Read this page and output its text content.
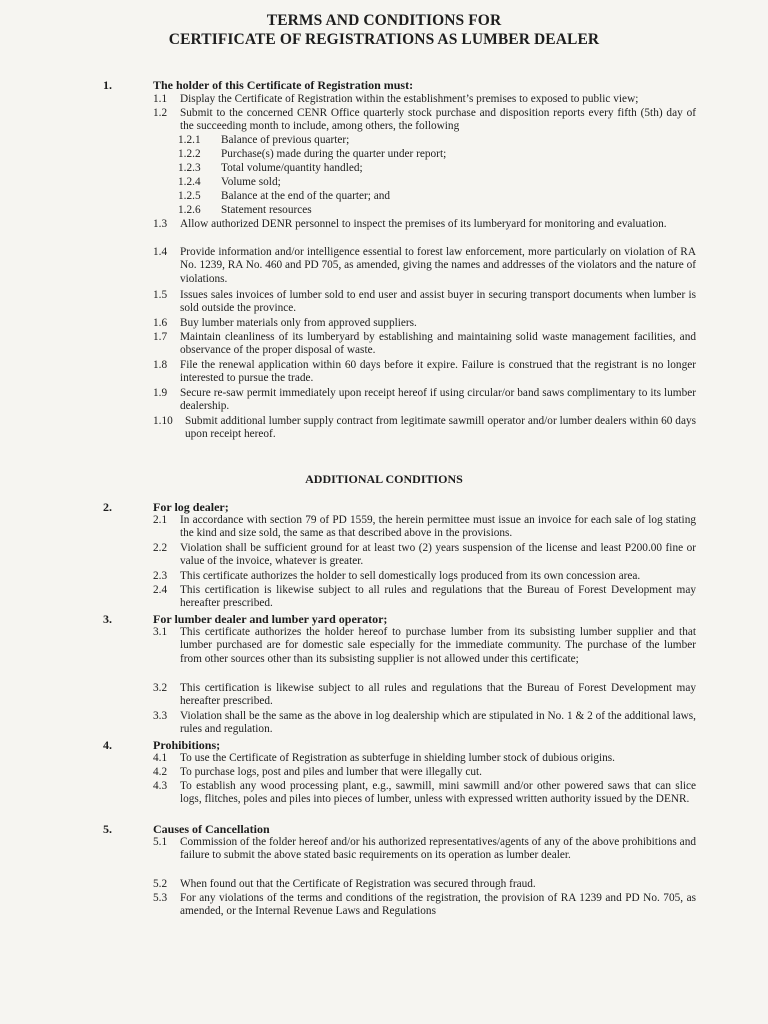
TERMS AND CONDITIONS FOR
CERTIFICATE OF REGISTRATIONS AS LUMBER DEALER
1.	The holder of this Certificate of Registration must:
1.1 Display the Certificate of Registration within the establishment’s premises to exposed to public view;
1.2 Submit to the concerned CENR Office quarterly stock purchase and disposition reports every fifth (5th) day of the succeeding month to include, among others, the following
1.2.1 Balance of previous quarter;
1.2.2 Purchase(s) made during the quarter under report;
1.2.3 Total volume/quantity handled;
1.2.4 Volume sold;
1.2.5 Balance at the end of the quarter; and
1.2.6 Statement resources
1.3 Allow authorized DENR personnel to inspect the premises of its lumberyard for monitoring and evaluation.
1.4 Provide information and/or intelligence essential to forest law enforcement, more particularly on violation of RA No. 1239, RA No. 460 and PD 705, as amended, giving the names and addresses of the violators and the nature of violations.
1.5 Issues sales invoices of lumber sold to end user and assist buyer in securing transport documents when lumber is sold outside the province.
1.6 Buy lumber materials only from approved suppliers.
1.7 Maintain cleanliness of its lumberyard by establishing and maintaining solid waste management facilities, and observance of the proper disposal of waste.
1.8 File the renewal application within 60 days before it expire. Failure is construed that the registrant is no longer interested to pursue the trade.
1.9 Secure re-saw permit immediately upon receipt hereof if using circular/or band saws complimentary to its lumber dealership.
1.10 Submit additional lumber supply contract from legitimate sawmill operator and/or lumber dealers within 60 days upon receipt hereof.
ADDITIONAL CONDITIONS
2.	For log dealer;
2.1 In accordance with section 79 of PD 1559, the herein permittee must issue an invoice for each sale of log stating the kind and size sold, the same as that described above in the provisions.
2.2 Violation shall be sufficient ground for at least two (2) years suspension of the license and least P200.00 fine or value of the invoice, whatever is greater.
2.3 This certificate authorizes the holder to sell domestically logs produced from its own concession area.
2.4 This certification is likewise subject to all rules and regulations that the Bureau of Forest Development may hereafter prescribed.
3.	For lumber dealer and lumber yard operator;
3.1 This certificate authorizes the holder hereof to purchase lumber from its subsisting lumber supplier and that lumber purchased are for domestic sale especially for the immediate community. The purchase of the lumber from other sources other than its subsisting supplier is not allowed under this certificate;
3.2 This certification is likewise subject to all rules and regulations that the Bureau of Forest Development may hereafter prescribed.
3.3 Violation shall be the same as the above in log dealership which are stipulated in No. 1 & 2 of the additional laws, rules and regulation.
4.	Prohibitions;
4.1 To use the Certificate of Registration as subterfuge in shielding lumber stock of dubious origins.
4.2 To purchase logs, post and piles and lumber that were illegally cut.
4.3 To establish any wood processing plant, e.g., sawmill, mini sawmill and/or other powered saws that can slice logs, flitches, poles and piles into pieces of lumber, unless with expressed written authority issued by the DENR.
5.	Causes of Cancellation
5.1 Commission of the folder hereof and/or his authorized representatives/agents of any of the above prohibitions and failure to submit the above stated basic requirements on its operation as lumber dealer.
5.2 When found out that the Certificate of Registration was secured through fraud.
5.3 For any violations of the terms and conditions of the registration, the provision of RA 1239 and PD No. 705, as amended, or the Internal Revenue Laws and Regulations
